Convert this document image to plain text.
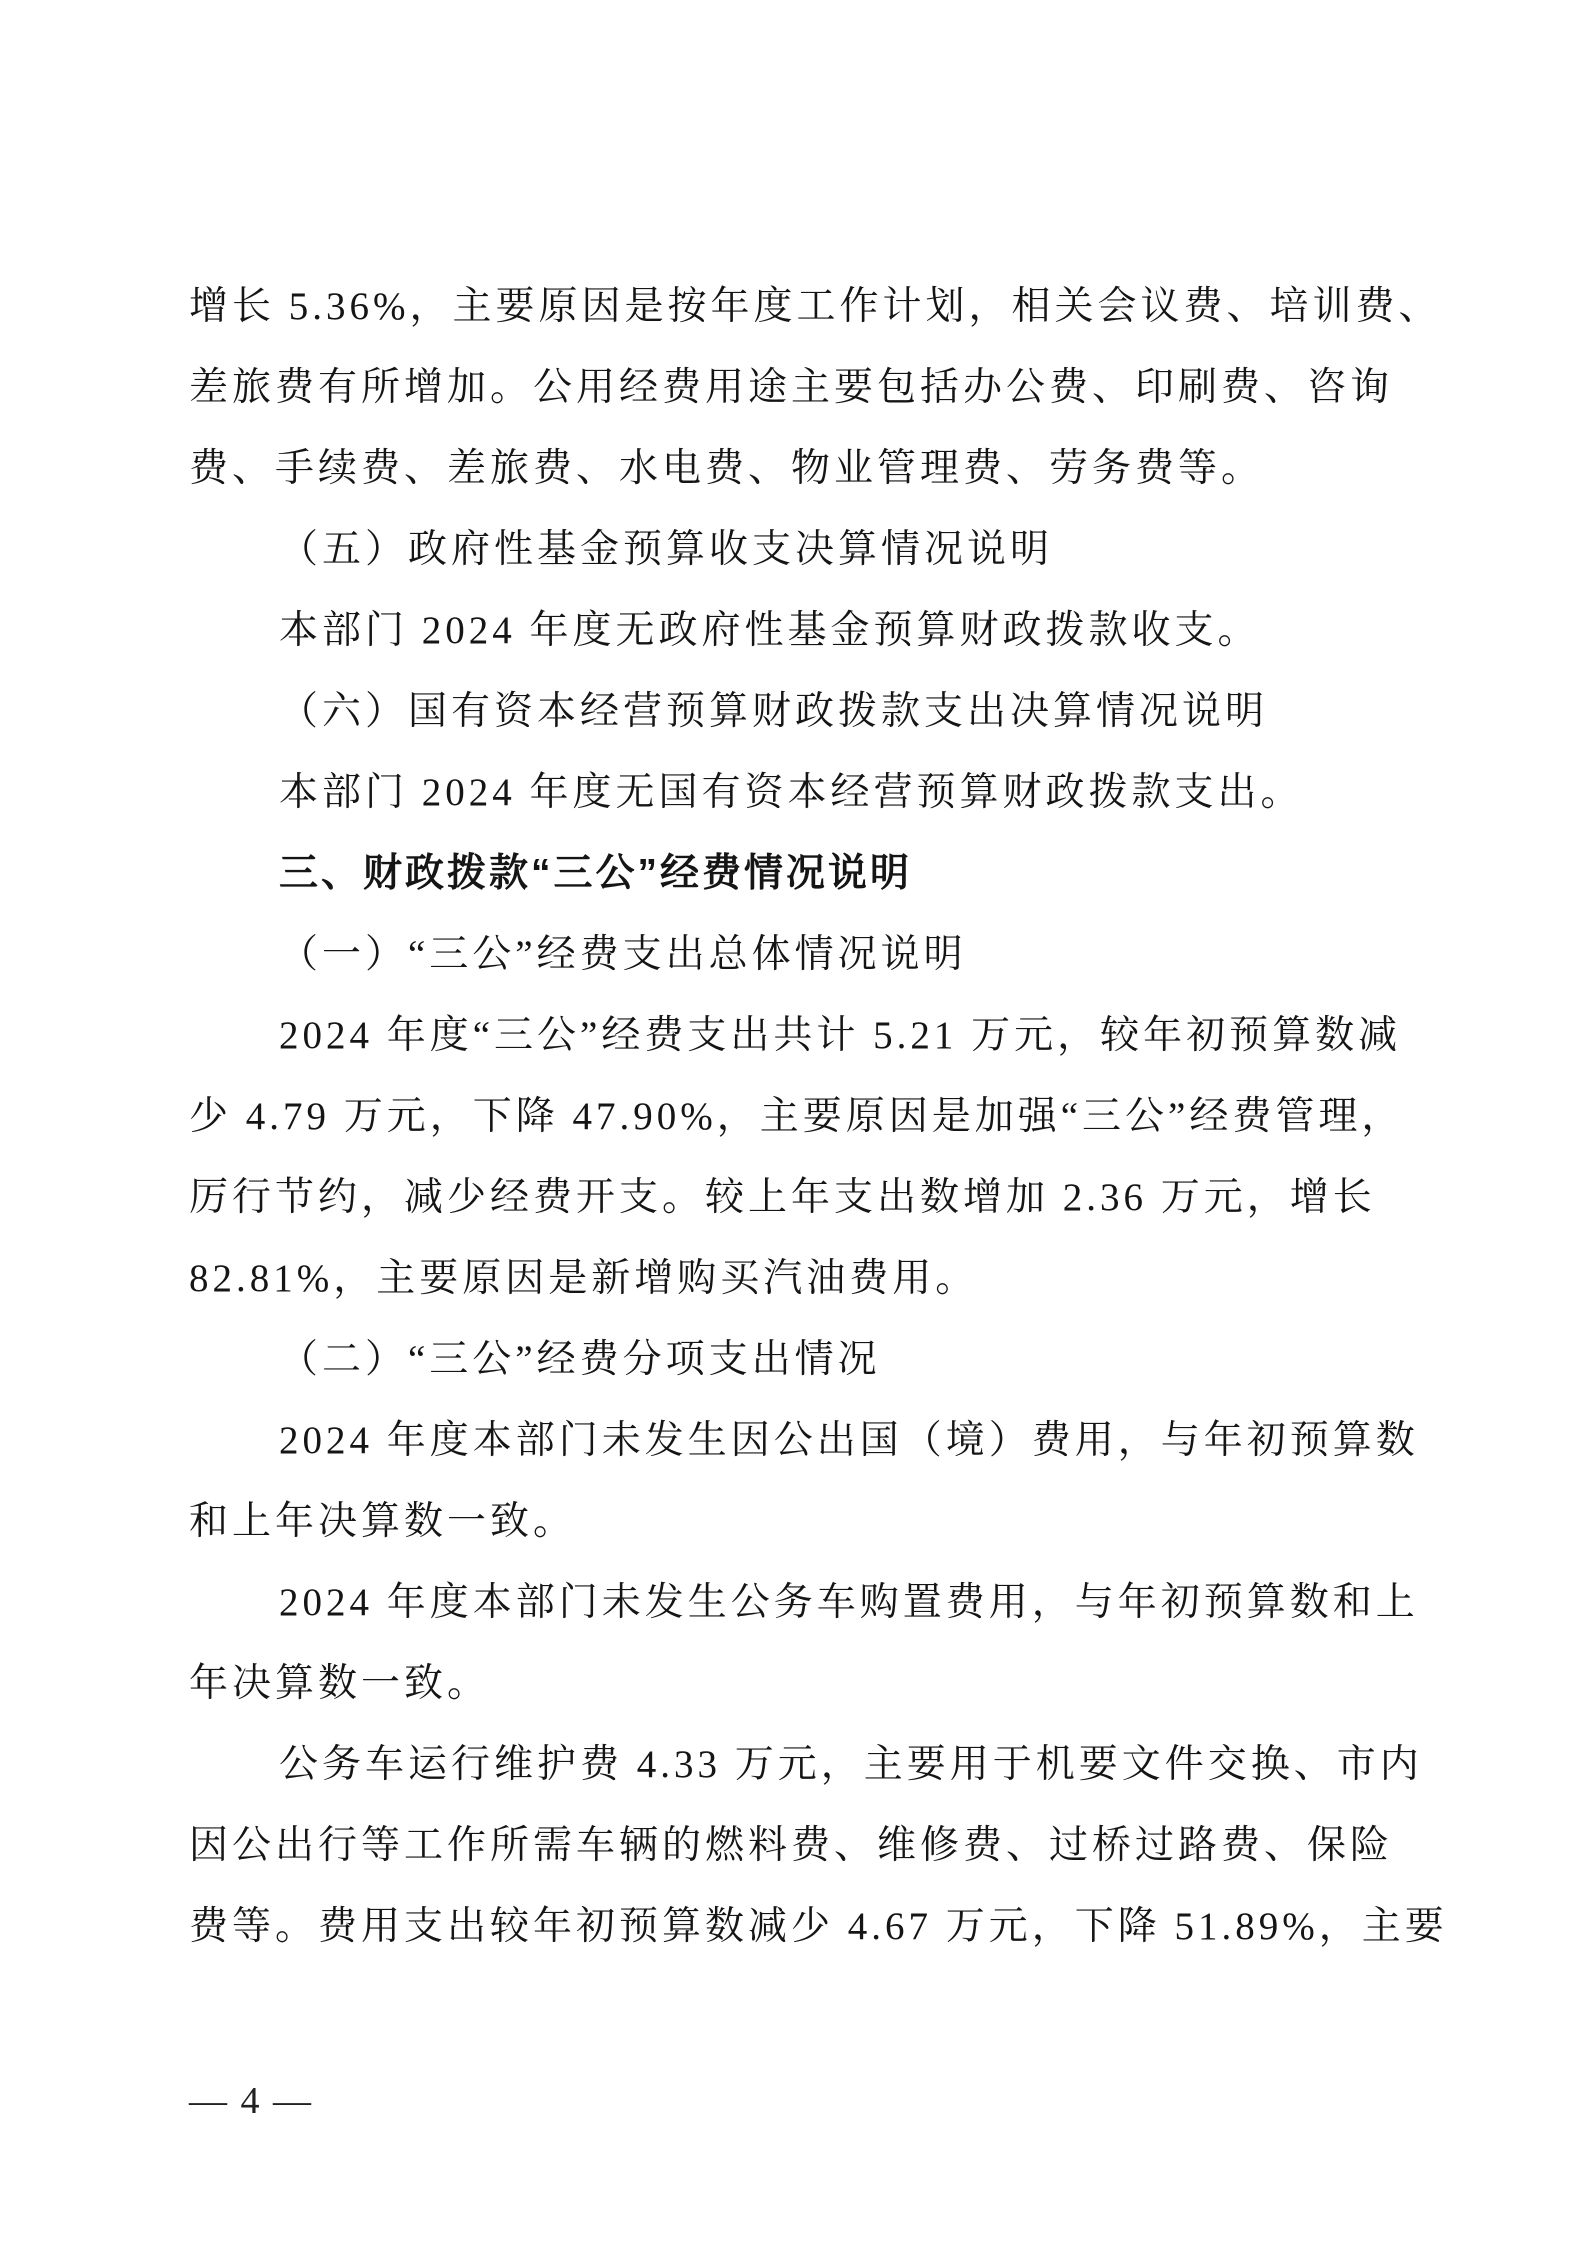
增长 5.36%，主要原因是按年度工作计划，相关会议费、培训费、
差旅费有所增加。公用经费用途主要包括办公费、印刷费、咨询
费、手续费、差旅费、水电费、物业管理费、劳务费等。
（五）政府性基金预算收支决算情况说明
本部门 2024 年度无政府性基金预算财政拨款收支。
（六）国有资本经营预算财政拨款支出决算情况说明
本部门 2024 年度无国有资本经营预算财政拨款支出。
三、财政拨款“三公”经费情况说明
（一）“三公”经费支出总体情况说明
2024 年度“三公”经费支出共计 5.21 万元，较年初预算数减
少 4.79 万元，下降 47.90%，主要原因是加强“三公”经费管理，
厉行节约，减少经费开支。较上年支出数增加 2.36 万元，增长
82.81%，主要原因是新增购买汽油费用。
（二）“三公”经费分项支出情况
2024 年度本部门未发生因公出国（境）费用，与年初预算数
和上年决算数一致。
2024 年度本部门未发生公务车购置费用，与年初预算数和上
年决算数一致。
公务车运行维护费 4.33 万元，主要用于机要文件交换、市内
因公出行等工作所需车辆的燃料费、维修费、过桥过路费、保险
费等。费用支出较年初预算数减少 4.67 万元，下降 51.89%，主要
— 4 —
